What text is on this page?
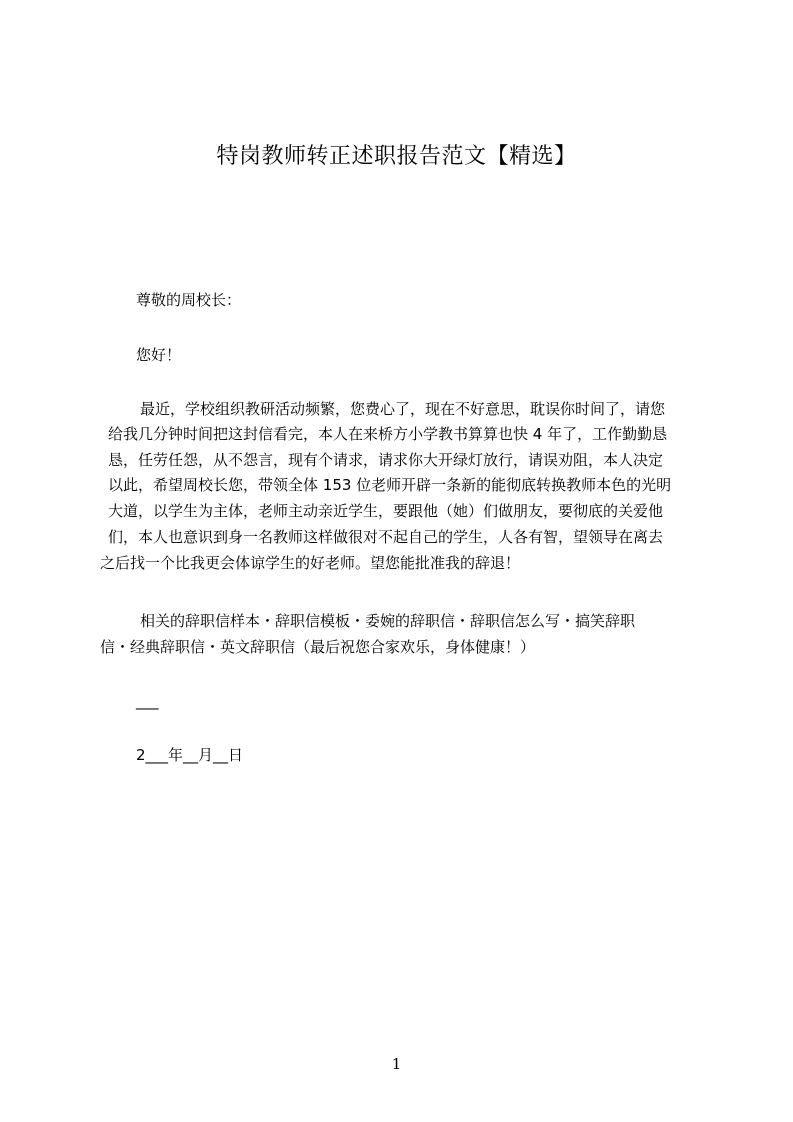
特岗教师转正述职报告范文【精选】
尊敬的周校长：
您好！
最近，学校组织教研活动频繁，您费心了，现在不好意思，耽误你时间了，请您
给我几分钟时间把这封信看完，本人在来桥方小学教书算算也快 4 年了，工作勤勤恳
恳，任劳任怨，从不怨言，现有个请求，请求你大开绿灯放行，请误劝阻，本人决定
以此，希望周校长您，带领全体 153 位老师开辟一条新的能彻底转换教师本色的光明
大道，以学生为主体，老师主动亲近学生，要跟他（她）们做朋友，要彻底的关爱他
们，本人也意识到身一名教师这样做很对不起自己的学生，人各有智，望领导在离去
之后找一个比我更会体谅学生的好老师。望您能批准我的辞退！
相关的辞职信样本・辞职信模板・委婉的辞职信・辞职信怎么写・搞笑辞职
信・经典辞职信・英文辞职信（最后祝您合家欢乐，身体健康！）
___
2___年__月__日
1
